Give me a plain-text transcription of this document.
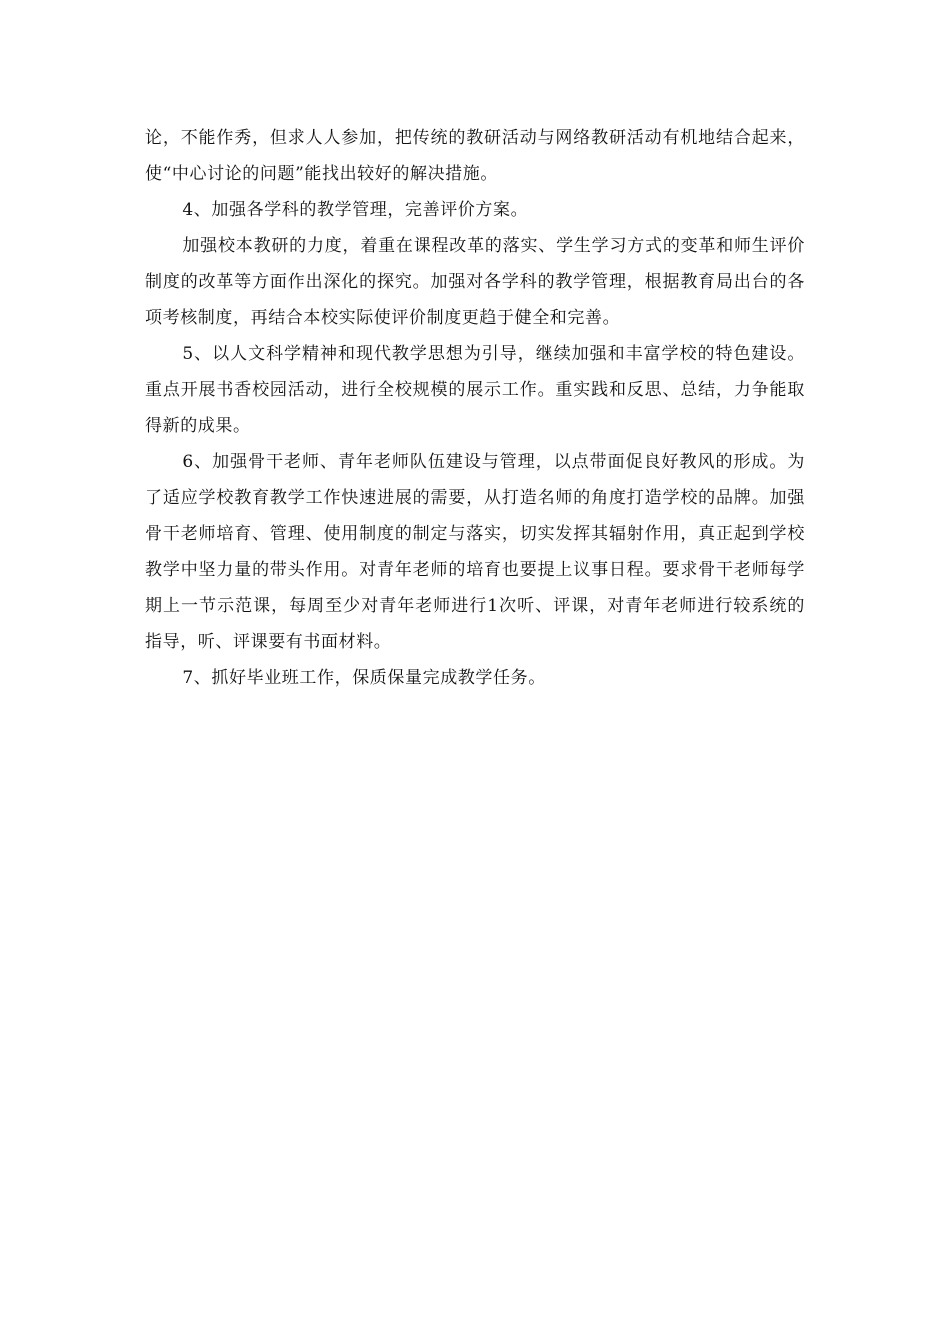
论，不能作秀，但求人人参加，把传统的教研活动与网络教研活动有机地结合起来，使“中心讨论的问题”能找出较好的解决措施。

4、加强各学科的教学管理，完善评价方案。

加强校本教研的力度，着重在课程改革的落实、学生学习方式的变革和师生评价制度的改革等方面作出深化的探究。加强对各学科的教学管理，根据教育局出台的各项考核制度，再结合本校实际使评价制度更趋于健全和完善。

5、以人文科学精神和现代教学思想为引导，继续加强和丰富学校的特色建设。重点开展书香校园活动，进行全校规模的展示工作。重实践和反思、总结，力争能取得新的成果。

6、加强骨干老师、青年老师队伍建设与管理，以点带面促良好教风的形成。为了适应学校教育教学工作快速进展的需要，从打造名师的角度打造学校的品牌。加强骨干老师培育、管理、使用制度的制定与落实，切实发挥其辐射作用，真正起到学校教学中坚力量的带头作用。对青年老师的培育也要提上议事日程。要求骨干老师每学期上一节示范课，每周至少对青年老师进行1次听、评课，对青年老师进行较系统的指导，听、评课要有书面材料。

7、抓好毕业班工作，保质保量完成教学任务。
